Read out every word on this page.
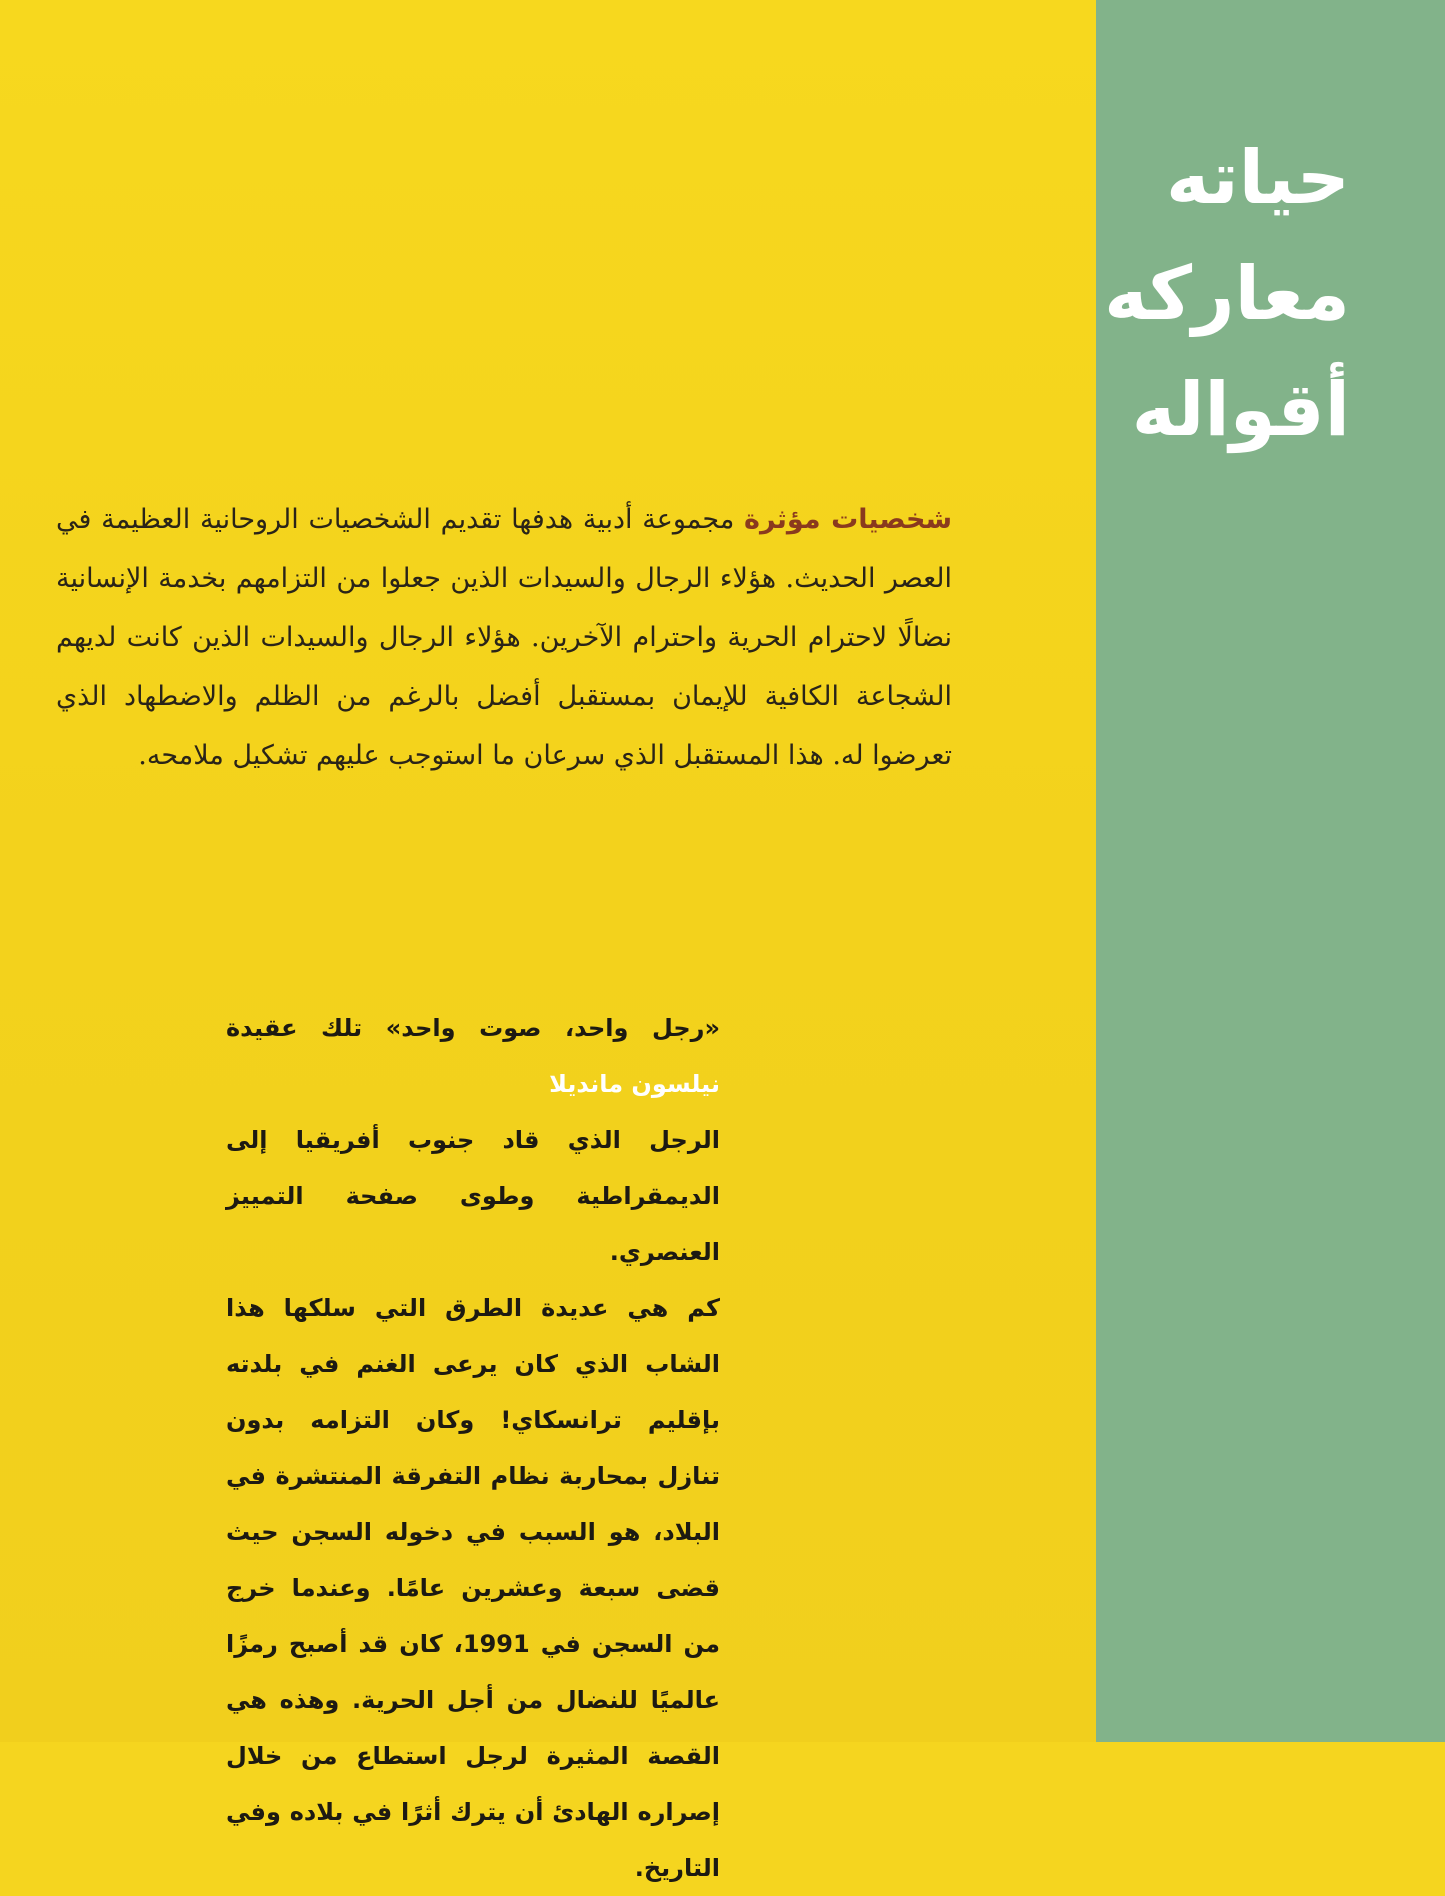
حياته
معاركه
أقواله
شخصيات مؤثرة مجموعة أدبية هدفها تقديم الشخصيات الروحانية العظيمة في العصر الحديث. هؤلاء الرجال والسيدات الذين جعلوا من التزامهم بخدمة الإنسانية نضالًا لاحترام الحرية واحترام الآخرين. هؤلاء الرجال والسيدات الذين كانت لديهم الشجاعة الكافية للإيمان بمستقبل أفضل بالرغم من الظلم والاضطهاد الذي تعرضوا له. هذا المستقبل الذي سرعان ما استوجب عليهم تشكيل ملامحه.

«رجل واحد، صوت واحد» تلك عقيدة نيلسون مانديلا
الرجل الذي قاد جنوب أفريقيا إلى الديمقراطية وطوى صفحة التمييز العنصري.

كم هي عديدة الطرق التي سلكها هذا الشاب الذي كان يرعى الغنم في بلدته بإقليم ترانسكاي! وكان التزامه بدون تنازل بمحاربة نظام التفرقة المنتشرة في البلاد، هو السبب في دخوله السجن حيث قضى سبعة وعشرين عامًا. وعندما خرج من السجن في 1991، كان قد أصبح رمزًا عالميًا للنضال من أجل الحرية. وهذه هي القصة المثيرة لرجل استطاع من خلال إصراره الهادئ أن يترك أثرًا في بلاده وفي التاريخ.
